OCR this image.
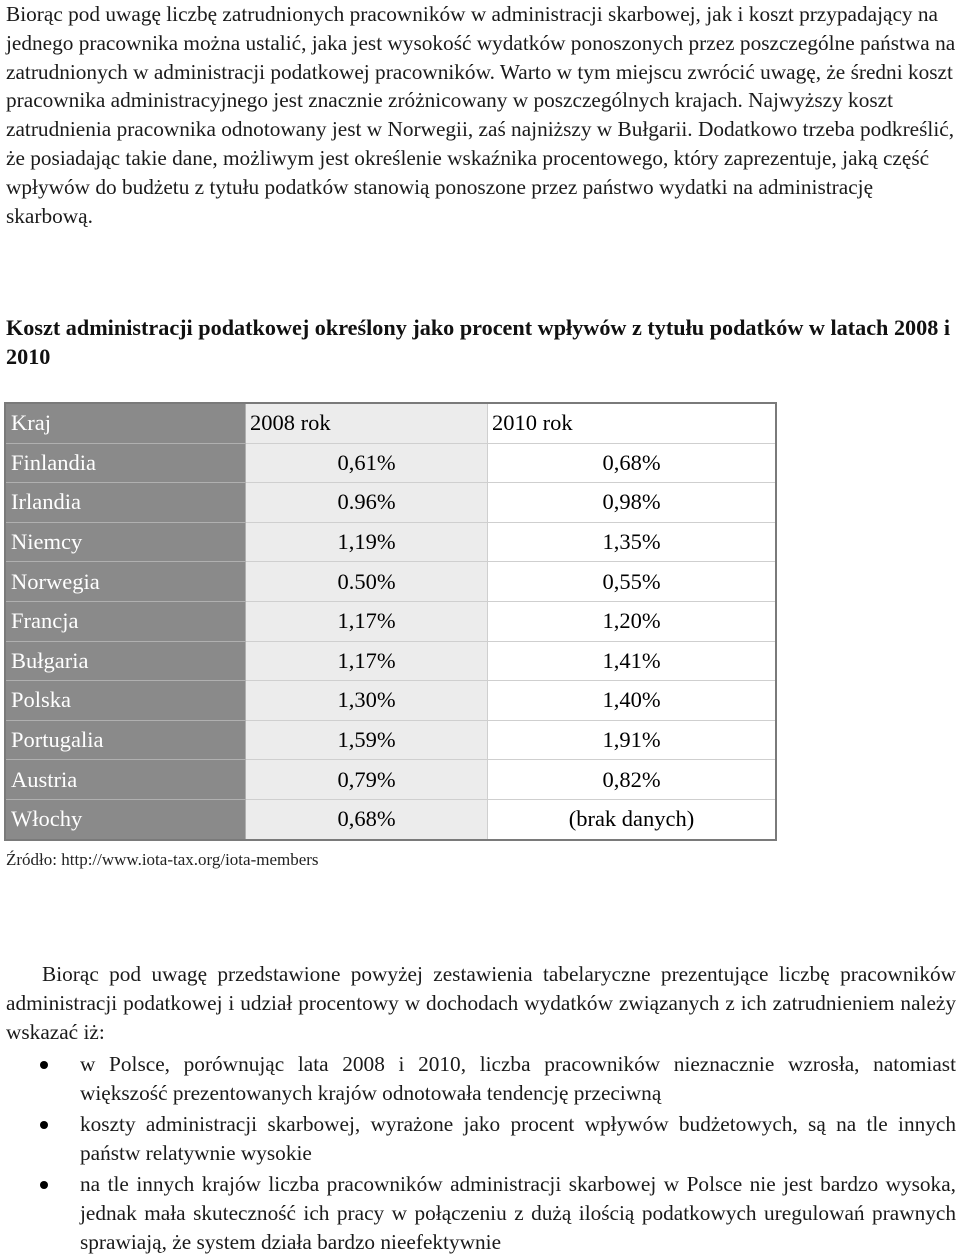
Biorąc pod uwagę liczbę zatrudnionych pracowników w administracji skarbowej, jak i koszt przypadający na jednego pracownika można ustalić, jaka jest wysokość wydatków ponoszonych przez poszczególne państwa na zatrudnionych w administracji podatkowej pracowników. Warto w tym miejscu zwrócić uwagę, że średni koszt pracownika administracyjnego jest znacznie zróżnicowany w poszczególnych krajach. Najwyższy koszt zatrudnienia pracownika odnotowany jest w Norwegii, zaś najniższy w Bułgarii. Dodatkowo trzeba podkreślić, że posiadając takie dane, możliwym jest określenie wskaźnika procentowego, który zaprezentuje, jaką część wpływów do budżetu z tytułu podatków stanowią ponoszone przez państwo wydatki na administrację skarbową.

Koszt administracji podatkowej określony jako procent wpływów z tytułu podatków w latach 2008 i 2010

Kraj	2008 rok	2010 rok
Finlandia	0,61%	0,68%
Irlandia	0.96%	0,98%
Niemcy	1,19%	1,35%
Norwegia	0.50%	0,55%
Francja	1,17%	1,20%
Bułgaria	1,17%	1,41%
Polska	1,30%	1,40%
Portugalia	1,59%	1,91%
Austria	0,79%	0,82%
Włochy	0,68%	(brak danych)
Źródło: http://www.iota-tax.org/iota-members

Biorąc pod uwagę przedstawione powyżej zestawienia tabelaryczne prezentujące liczbę pracowników administracji podatkowej i udział procentowy w dochodach wydatków związanych z ich zatrudnieniem należy wskazać iż:

w Polsce, porównując lata 2008 i 2010, liczba pracowników nieznacznie wzrosła, natomiast większość prezentowanych krajów odnotowała tendencję przeciwną
koszty administracji skarbowej, wyrażone jako procent wpływów budżetowych, są na tle innych państw relatywnie wysokie
na tle innych krajów liczba pracowników administracji skarbowej w Polsce nie jest bardzo wysoka, jednak mała skuteczność ich pracy w połączeniu z dużą ilością podatkowych uregulowań prawnych sprawiają, że system działa bardzo nieefektywnie
